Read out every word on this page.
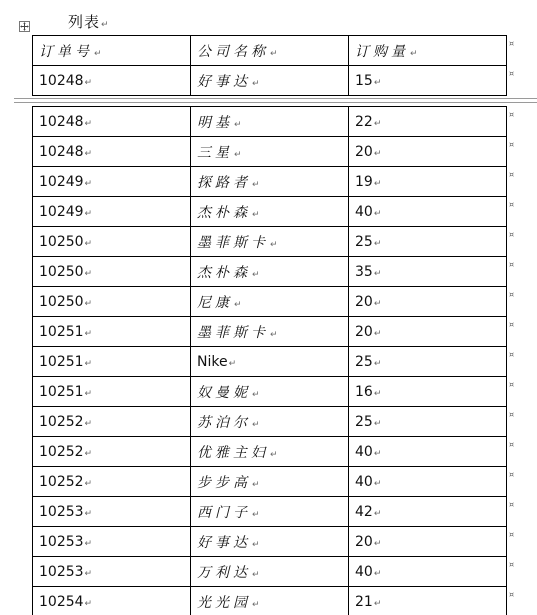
列表↵
订单号↵	公司名称↵	订购量↵
10248↵	好事达↵	15↵
10248↵	明基↵	22↵
10248↵	三星↵	20↵
10249↵	探路者↵	19↵
10249↵	杰朴森↵	40↵
10250↵	墨菲斯卡↵	25↵
10250↵	杰朴森↵	35↵
10250↵	尼康↵	20↵
10251↵	墨菲斯卡↵	20↵
10251↵	Nike↵	25↵
10251↵	奴曼妮↵	16↵
10252↵	苏泊尔↵	25↵
10252↵	优雅主妇↵	40↵
10252↵	步步高↵	40↵
10253↵	西门子↵	42↵
10253↵	好事达↵	20↵
10253↵	万利达↵	40↵
10254↵	光光园↵	21↵
¤
¤
¤
¤
¤
¤
¤
¤
¤
¤
¤
¤
¤
¤
¤
¤
¤
¤
¤
